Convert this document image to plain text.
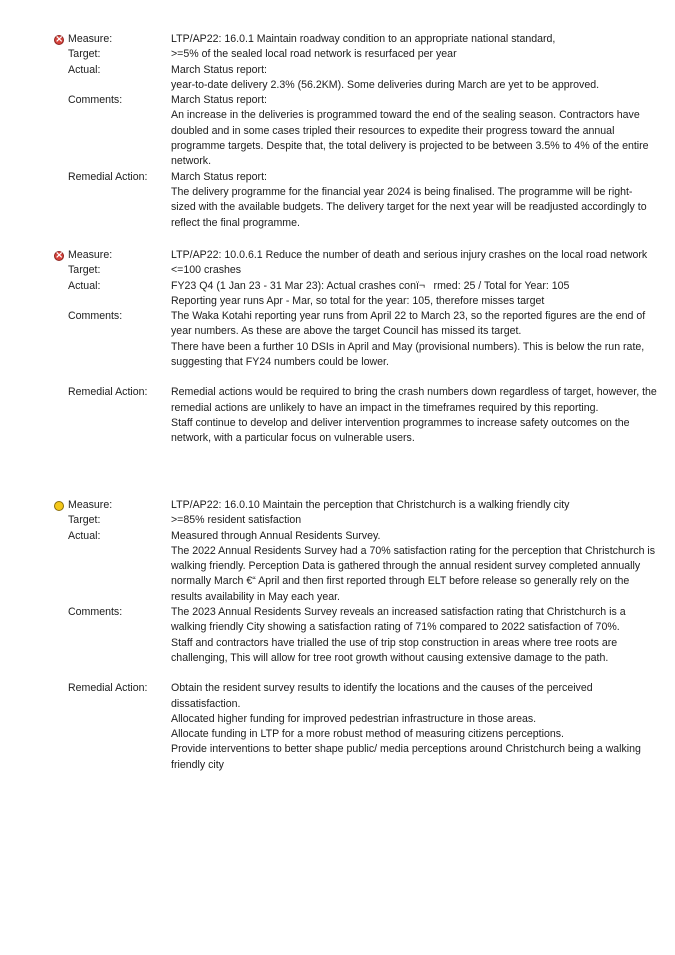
×
Measure:	LTP/AP22: 16.0.1 Maintain roadway condition to an appropriate national standard,
Target:	>=5% of the sealed local road network is resurfaced per year
Actual:	March Status report:
year-to-date delivery 2.3% (56.2KM). Some deliveries during March are yet to be approved.
Comments:	March Status report:
An increase in the deliveries is programmed toward the end of the sealing season. Contractors have doubled and in some cases tripled their resources to expedite their progress toward the annual programme targets. Despite that, the total delivery is projected to be between 3.5% to 4% of the entire network.
Remedial Action: March Status report:
The delivery programme for the financial year 2024 is being finalised. The programme will be right-sized with the available budgets. The delivery target for the next year will be readjusted accordingly to reflect the final programme.
×
Measure:	LTP/AP22: 10.0.6.1 Reduce the number of death and serious injury crashes on the local road network
Target:	<=100 crashes
Actual:	FY23 Q4 (1 Jan 23 - 31 Mar 23): Actual crashes conï¬rmed: 25 / Total for Year: 105
Reporting year runs Apr - Mar, so total for the year: 105, therefore misses target
Comments:	The Waka Kotahi reporting year runs from April 22 to March 23, so the reported figures are the end of year numbers. As these are above the target Council has missed its target.
There have been a further 10 DSIs in April and May (provisional numbers). This is below the run rate, suggesting that FY24 numbers could be lower.
Remedial Action: Remedial actions would be required to bring the crash numbers down regardless of target, however, the remedial actions are unlikely to have an impact in the timeframes required by this reporting.
Staff continue to develop and deliver intervention programmes to increase safety outcomes on the network, with a particular focus on vulnerable users.
Measure:	LTP/AP22: 16.0.10 Maintain the perception that Christchurch is a walking friendly city
Target:	>=85% resident satisfaction
Actual:	Measured through Annual Residents Survey.
The 2022 Annual Residents Survey had a 70% satisfaction rating for the perception that Christchurch is walking friendly. Perception Data is gathered through the annual resident survey completed annually normally March €“ April and then first reported through ELT before release so generally rely on the results availability in May each year.
Comments:	The 2023 Annual Residents Survey reveals an increased satisfaction rating that Christchurch is a walking friendly City showing a satisfaction rating of 71% compared to 2022 satisfaction of 70%.
Staff and contractors have trialled the use of trip stop construction in areas where tree roots are challenging, This will allow for tree root growth without causing extensive damage to the path.
Remedial Action: Obtain the resident survey results to identify the locations and the causes of the perceived dissatisfaction.
Allocated higher funding for improved pedestrian infrastructure in those areas.
Allocate funding in LTP for a more robust method of measuring citizens perceptions.
Provide interventions to better shape public/ media perceptions around Christchurch being a walking friendly city
